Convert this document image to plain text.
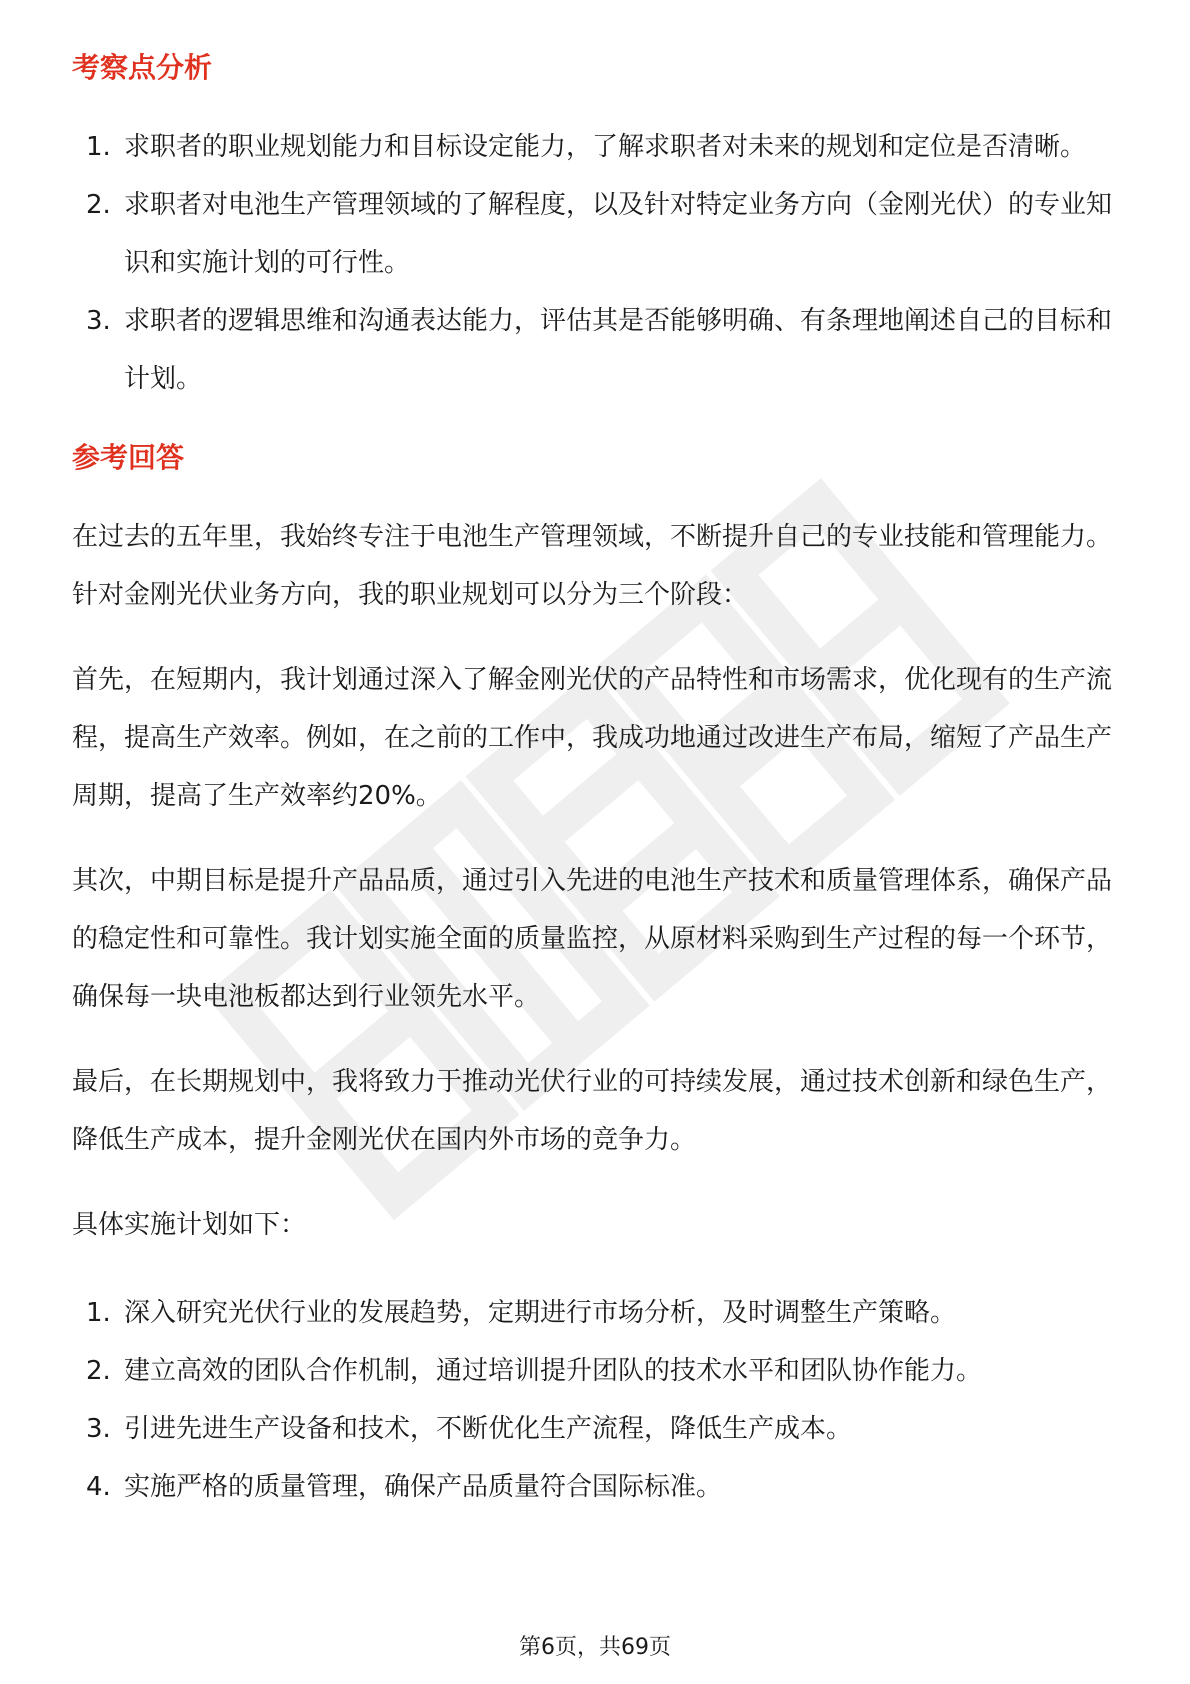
考察点分析
1. 求职者的职业规划能力和目标设定能力，了解求职者对未来的规划和定位是否清晰。
2. 求职者对电池生产管理领域的了解程度，以及针对特定业务方向（金刚光伏）的专业知识和实施计划的可行性。
3. 求职者的逻辑思维和沟通表达能力，评估其是否能够明确、有条理地阐述自己的目标和计划。
参考回答

在过去的五年里，我始终专注于电池生产管理领域，不断提升自己的专业技能和管理能力。针对金刚光伏业务方向，我的职业规划可以分为三个阶段：

首先，在短期内，我计划通过深入了解金刚光伏的产品特性和市场需求，优化现有的生产流程，提高生产效率。例如，在之前的工作中，我成功地通过改进生产布局，缩短了产品生产周期，提高了生产效率约20%。

其次，中期目标是提升产品品质，通过引入先进的电池生产技术和质量管理体系，确保产品的稳定性和可靠性。我计划实施全面的质量监控，从原材料采购到生产过程的每一个环节，确保每一块电池板都达到行业领先水平。

最后，在长期规划中，我将致力于推动光伏行业的可持续发展，通过技术创新和绿色生产，降低生产成本，提升金刚光伏在国内外市场的竞争力。

具体实施计划如下：

1. 深入研究光伏行业的发展趋势，定期进行市场分析，及时调整生产策略。
2. 建立高效的团队合作机制，通过培训提升团队的技术水平和团队协作能力。
3. 引进先进生产设备和技术，不断优化生产流程，降低生产成本。
4. 实施严格的质量管理，确保产品质量符合国际标准。
第6页，共69页
